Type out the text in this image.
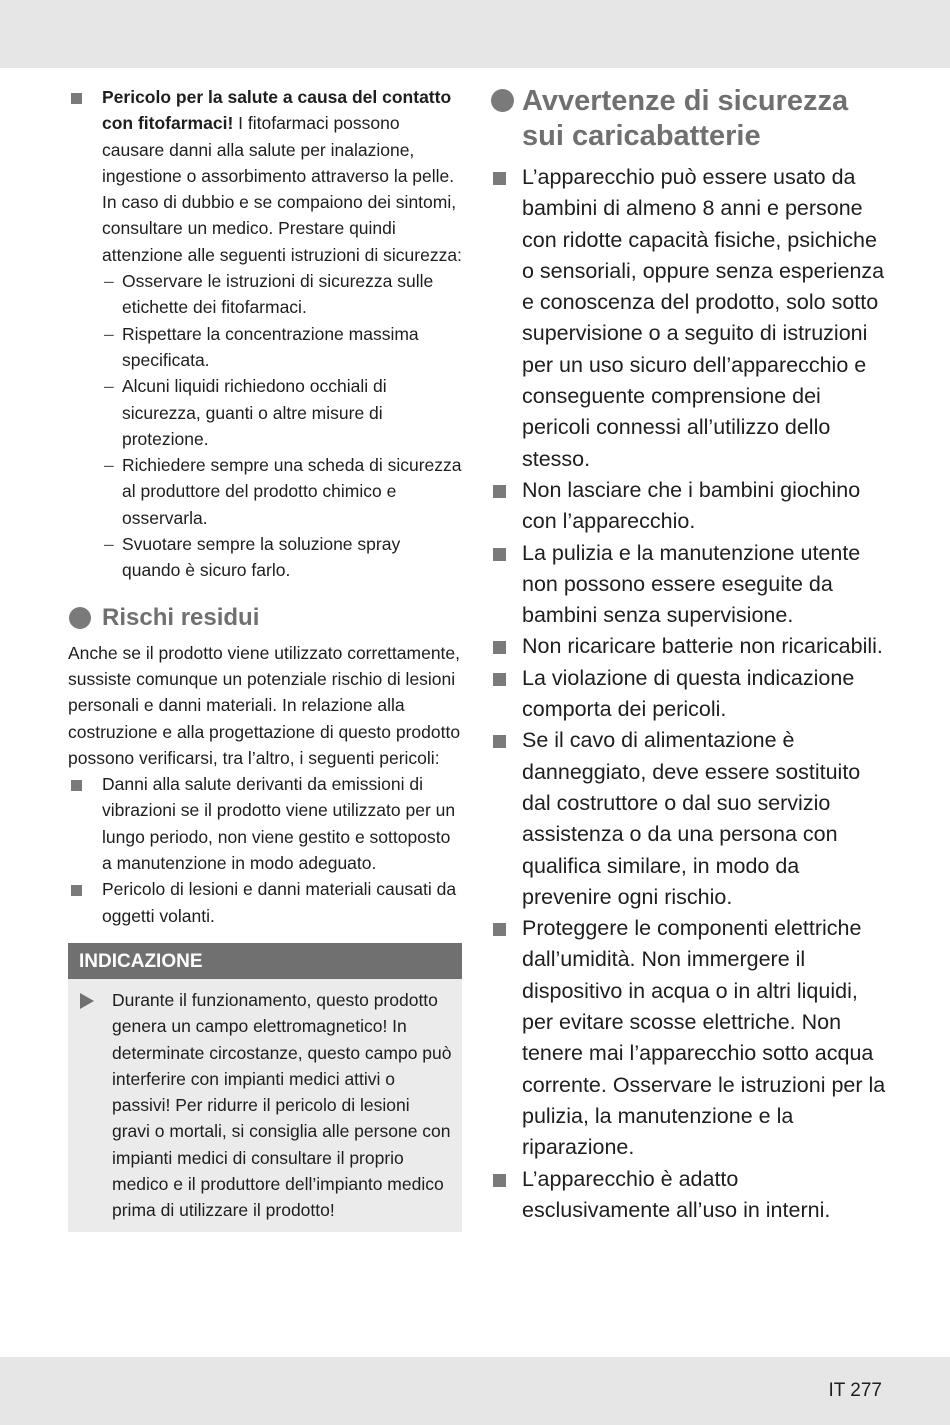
Pericolo per la salute a causa del contatto con fitofarmaci! I fitofarmaci possono causare danni alla salute per inalazione, ingestione o assorbimento attraverso la pelle. In caso di dubbio e se compaiono dei sintomi, consultare un medico. Prestare quindi attenzione alle seguenti istruzioni di sicurezza:
– Osservare le istruzioni di sicurezza sulle etichette dei fitofarmaci.
– Rispettare la concentrazione massima specificata.
– Alcuni liquidi richiedono occhiali di sicurezza, guanti o altre misure di protezione.
– Richiedere sempre una scheda di sicurezza al produttore del prodotto chimico e osservarla.
– Svuotare sempre la soluzione spray quando è sicuro farlo.
Rischi residui
Anche se il prodotto viene utilizzato correttamente, sussiste comunque un potenziale rischio di lesioni personali e danni materiali. In relazione alla costruzione e alla progettazione di questo prodotto possono verificarsi, tra l’altro, i seguenti pericoli:
Danni alla salute derivanti da emissioni di vibrazioni se il prodotto viene utilizzato per un lungo periodo, non viene gestito e sottoposto a manutenzione in modo adeguato.
Pericolo di lesioni e danni materiali causati da oggetti volanti.
INDICAZIONE
Durante il funzionamento, questo prodotto genera un campo elettromagnetico! In determinate circostanze, questo campo può interferire con impianti medici attivi o passivi! Per ridurre il pericolo di lesioni gravi o mortali, si consiglia alle persone con impianti medici di consultare il proprio medico e il produttore dell’impianto medico prima di utilizzare il prodotto!
Avvertenze di sicurezza sui caricabatterie
L’apparecchio può essere usato da bambini di almeno 8 anni e persone con ridotte capacità fisiche, psichiche o sensoriali, oppure senza esperienza e conoscenza del prodotto, solo sotto supervisione o a seguito di istruzioni per un uso sicuro dell’apparecchio e conseguente comprensione dei pericoli connessi all’utilizzo dello stesso.
Non lasciare che i bambini giochino con l’apparecchio.
La pulizia e la manutenzione utente non possono essere eseguite da bambini senza supervisione.
Non ricaricare batterie non ricaricabili.
La violazione di questa indicazione comporta dei pericoli.
Se il cavo di alimentazione è danneggiato, deve essere sostituito dal costruttore o dal suo servizio assistenza o da una persona con qualifica similare, in modo da prevenire ogni rischio.
Proteggere le componenti elettriche dall’umidità. Non immergere il dispositivo in acqua o in altri liquidi, per evitare scosse elettriche. Non tenere mai l’apparecchio sotto acqua corrente. Osservare le istruzioni per la pulizia, la manutenzione e la riparazione.
L’apparecchio è adatto esclusivamente all’uso in interni.
IT 277
